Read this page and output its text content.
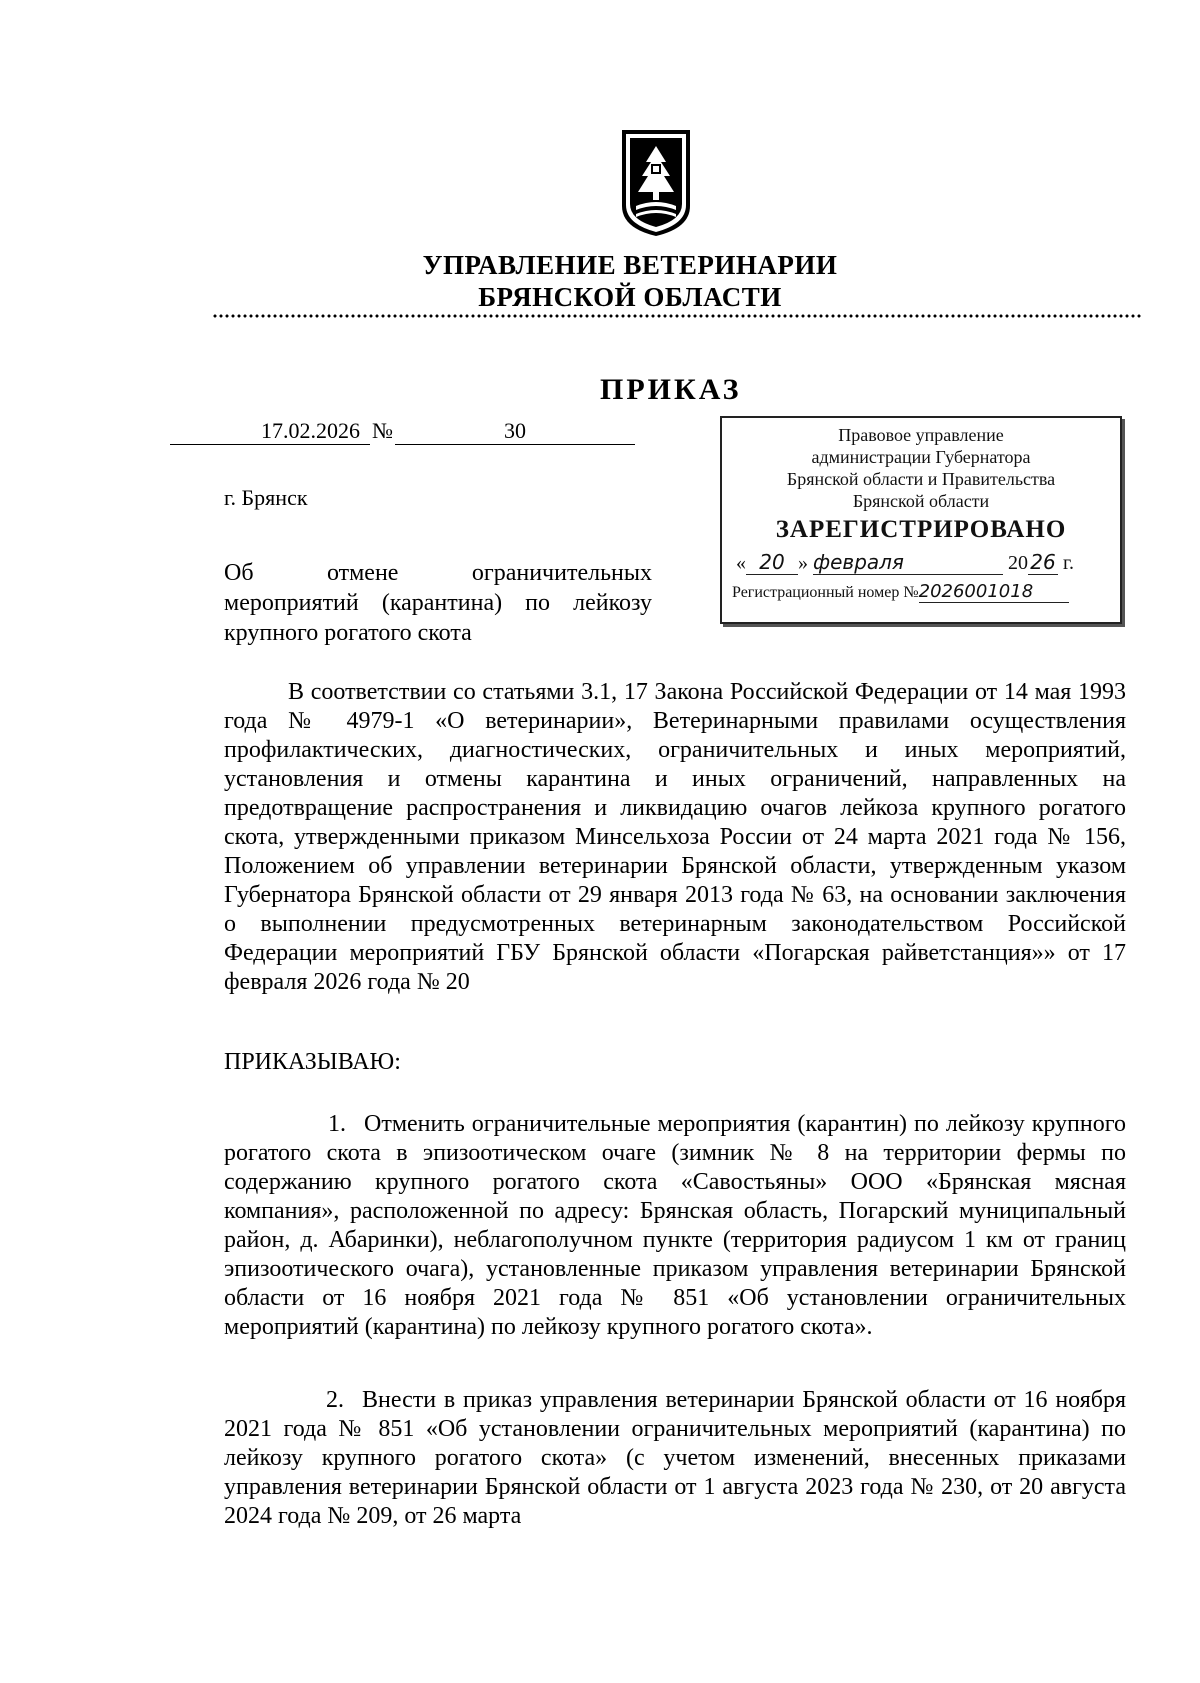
УПРАВЛЕНИЕ ВЕТЕРИНАРИИ
БРЯНСКОЙ ОБЛАСТИ
ПРИКАЗ
17.02.2026 №	30
г. Брянск
Об отмене ограничительных
мероприятий (карантина) по лейкозу крупного рогатого скота
Правовое управление
администрации Губернатора
Брянской области и Правительства
Брянской области
ЗАРЕГИСТРИРОВАНО
« 20 » февраля	20 26 г.
Регистрационный номер №2026001018
В соответствии со статьями 3.1, 17 Закона Российской Федерации от 14 мая 1993 года № 4979-1 «О ветеринарии», Ветеринарными правилами осуществления профилактических, диагностических, ограничительных и иных мероприятий, установления и отмены карантина и иных ограничений, направленных на предотвращение распространения и ликвидацию очагов лейкоза крупного рогатого скота, утвержденными приказом Минсельхоза России от 24 марта 2021 года № 156, Положением об управлении ветеринарии Брянской области, утвержденным указом Губернатора Брянской области от 29 января 2013 года № 63, на основании заключения о выполнении предусмотренных ветеринарным законодательством Российской Федерации мероприятий ГБУ Брянской области «Погарская райветстанция»» от 17 февраля 2026 года № 20
ПРИКАЗЫВАЮ:
1. Отменить ограничительные мероприятия (карантин) по лейкозу крупного рогатого скота в эпизоотическом очаге (зимник № 8 на территории фермы по содержанию крупного рогатого скота «Савостьяны» ООО «Брянская мясная компания», расположенной по адресу: Брянская область, Погарский муниципальный район, д. Абаринки), неблагополучном пункте (территория радиусом 1 км от границ эпизоотического очага), установленные приказом управления ветеринарии Брянской области от 16 ноября 2021 года № 851 «Об установлении ограничительных мероприятий (карантина) по лейкозу крупного рогатого скота».
2. Внести в приказ управления ветеринарии Брянской области от 16 ноября 2021 года № 851 «Об установлении ограничительных мероприятий (карантина) по лейкозу крупного рогатого скота» (с учетом изменений, внесенных приказами управления ветеринарии Брянской области от 1 августа 2023 года № 230, от 20 августа 2024 года № 209, от 26 марта
